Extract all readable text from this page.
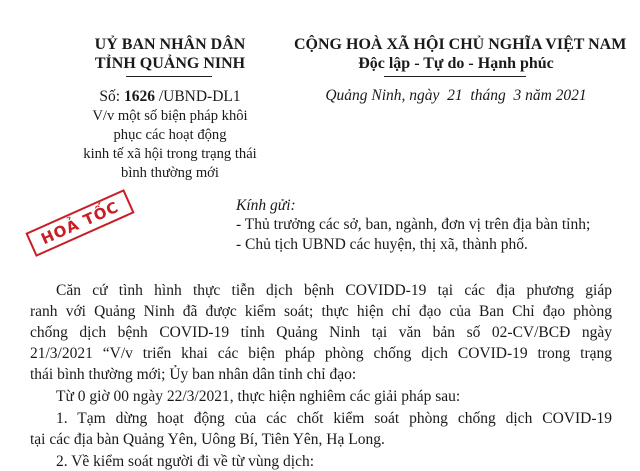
UỶ BAN NHÂN DÂN
TỈNH QUẢNG NINH
Số: 1626 /UBND-DL1
V/v một số biện pháp khôi
phục các hoạt động
kinh tế xã hội trong trạng thái
bình thường mới
CỘNG HOÀ XÃ HỘI CHỦ NGHĨA VIỆT NAM
Độc lập - Tự do - Hạnh phúc
Quảng Ninh, ngày  21  tháng  3 năm 2021
HOẢ TỐC	Kính gửi:
- Thủ trưởng các sở, ban, ngành, đơn vị trên địa bàn tỉnh;
- Chủ tịch UBND các huyện, thị xã, thành phố.
Căn cứ tình hình thực tiễn dịch bệnh COVIDD-19 tại các địa phương giáp
ranh với Quảng Ninh đã được kiểm soát; thực hiện chỉ đạo của Ban Chỉ đạo phòng
chống dịch bệnh COVID-19 tỉnh Quảng Ninh tại văn bản số 02-CV/BCĐ ngày
21/3/2021 “V/v triển khai các biện pháp phòng chống dịch COVID-19 trong trạng
thái bình thường mới; Ủy ban nhân dân tỉnh chỉ đạo:
Từ 0 giờ 00 ngày 22/3/2021, thực hiện nghiêm các giải pháp sau:
1. Tạm dừng hoạt động của các chốt kiểm soát phòng chống dịch COVID-19
tại các địa bàn Quảng Yên, Uông Bí, Tiên Yên, Hạ Long.
2. Về kiểm soát người đi về từ vùng dịch:
